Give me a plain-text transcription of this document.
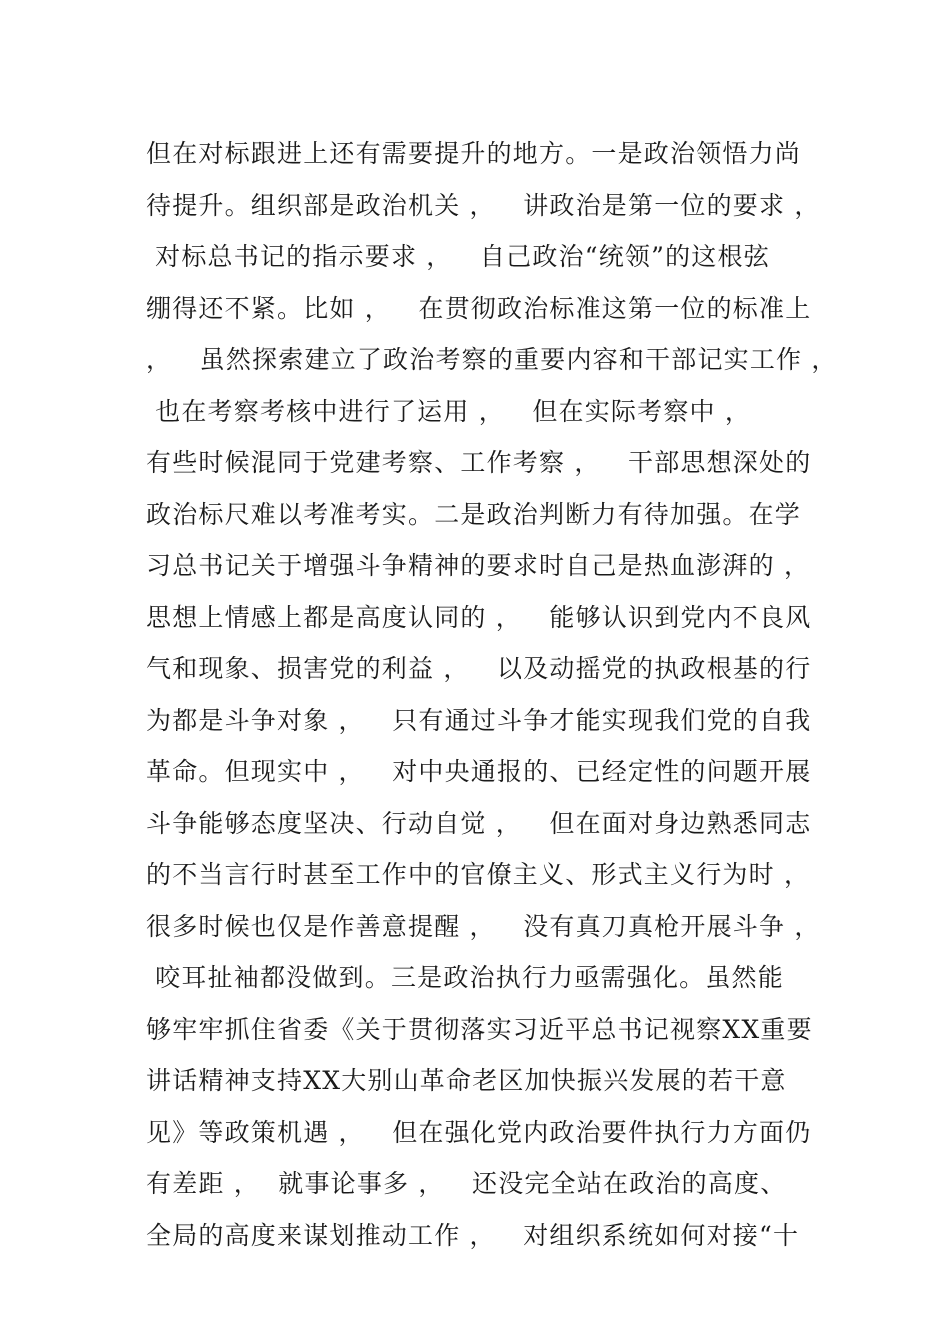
但在对标跟进上还有需要提升的地方。一是政治领悟力尚
待提升。组织部是政治机关 ，   讲政治是第一位的要求 ，
对标总书记的指示要求 ，   自己政治“统领”的这根弦
绷得还不紧。比如 ，   在贯彻政治标准这第一位的标准上
，   虽然探索建立了政治考察的重要内容和干部记实工作 ，
也在考察考核中进行了运用 ，   但在实际考察中 ，
有些时候混同于党建考察、工作考察 ，   干部思想深处的
政治标尺难以考准考实。二是政治判断力有待加强。在学
习总书记关于增强斗争精神的要求时自己是热血澎湃的 ，
思想上情感上都是高度认同的 ，   能够认识到党内不良风
气和现象、损害党的利益 ，   以及动摇党的执政根基的行
为都是斗争对象 ，   只有通过斗争才能实现我们党的自我
革命。但现实中 ，   对中央通报的、已经定性的问题开展
斗争能够态度坚决、行动自觉 ，   但在面对身边熟悉同志
的不当言行时甚至工作中的官僚主义、形式主义行为时 ，
很多时候也仅是作善意提醒 ，   没有真刀真枪开展斗争 ，
咬耳扯袖都没做到。三是政治执行力亟需强化。虽然能
够牢牢抓住省委《关于贯彻落实习近平总书记视察XX重要
讲话精神支持XX大别山革命老区加快振兴发展的若干意
见》等政策机遇 ，   但在强化党内政治要件执行力方面仍
有差距 ，  就事论事多 ，   还没完全站在政治的高度、
全局的高度来谋划推动工作 ，   对组织系统如何对接“十
